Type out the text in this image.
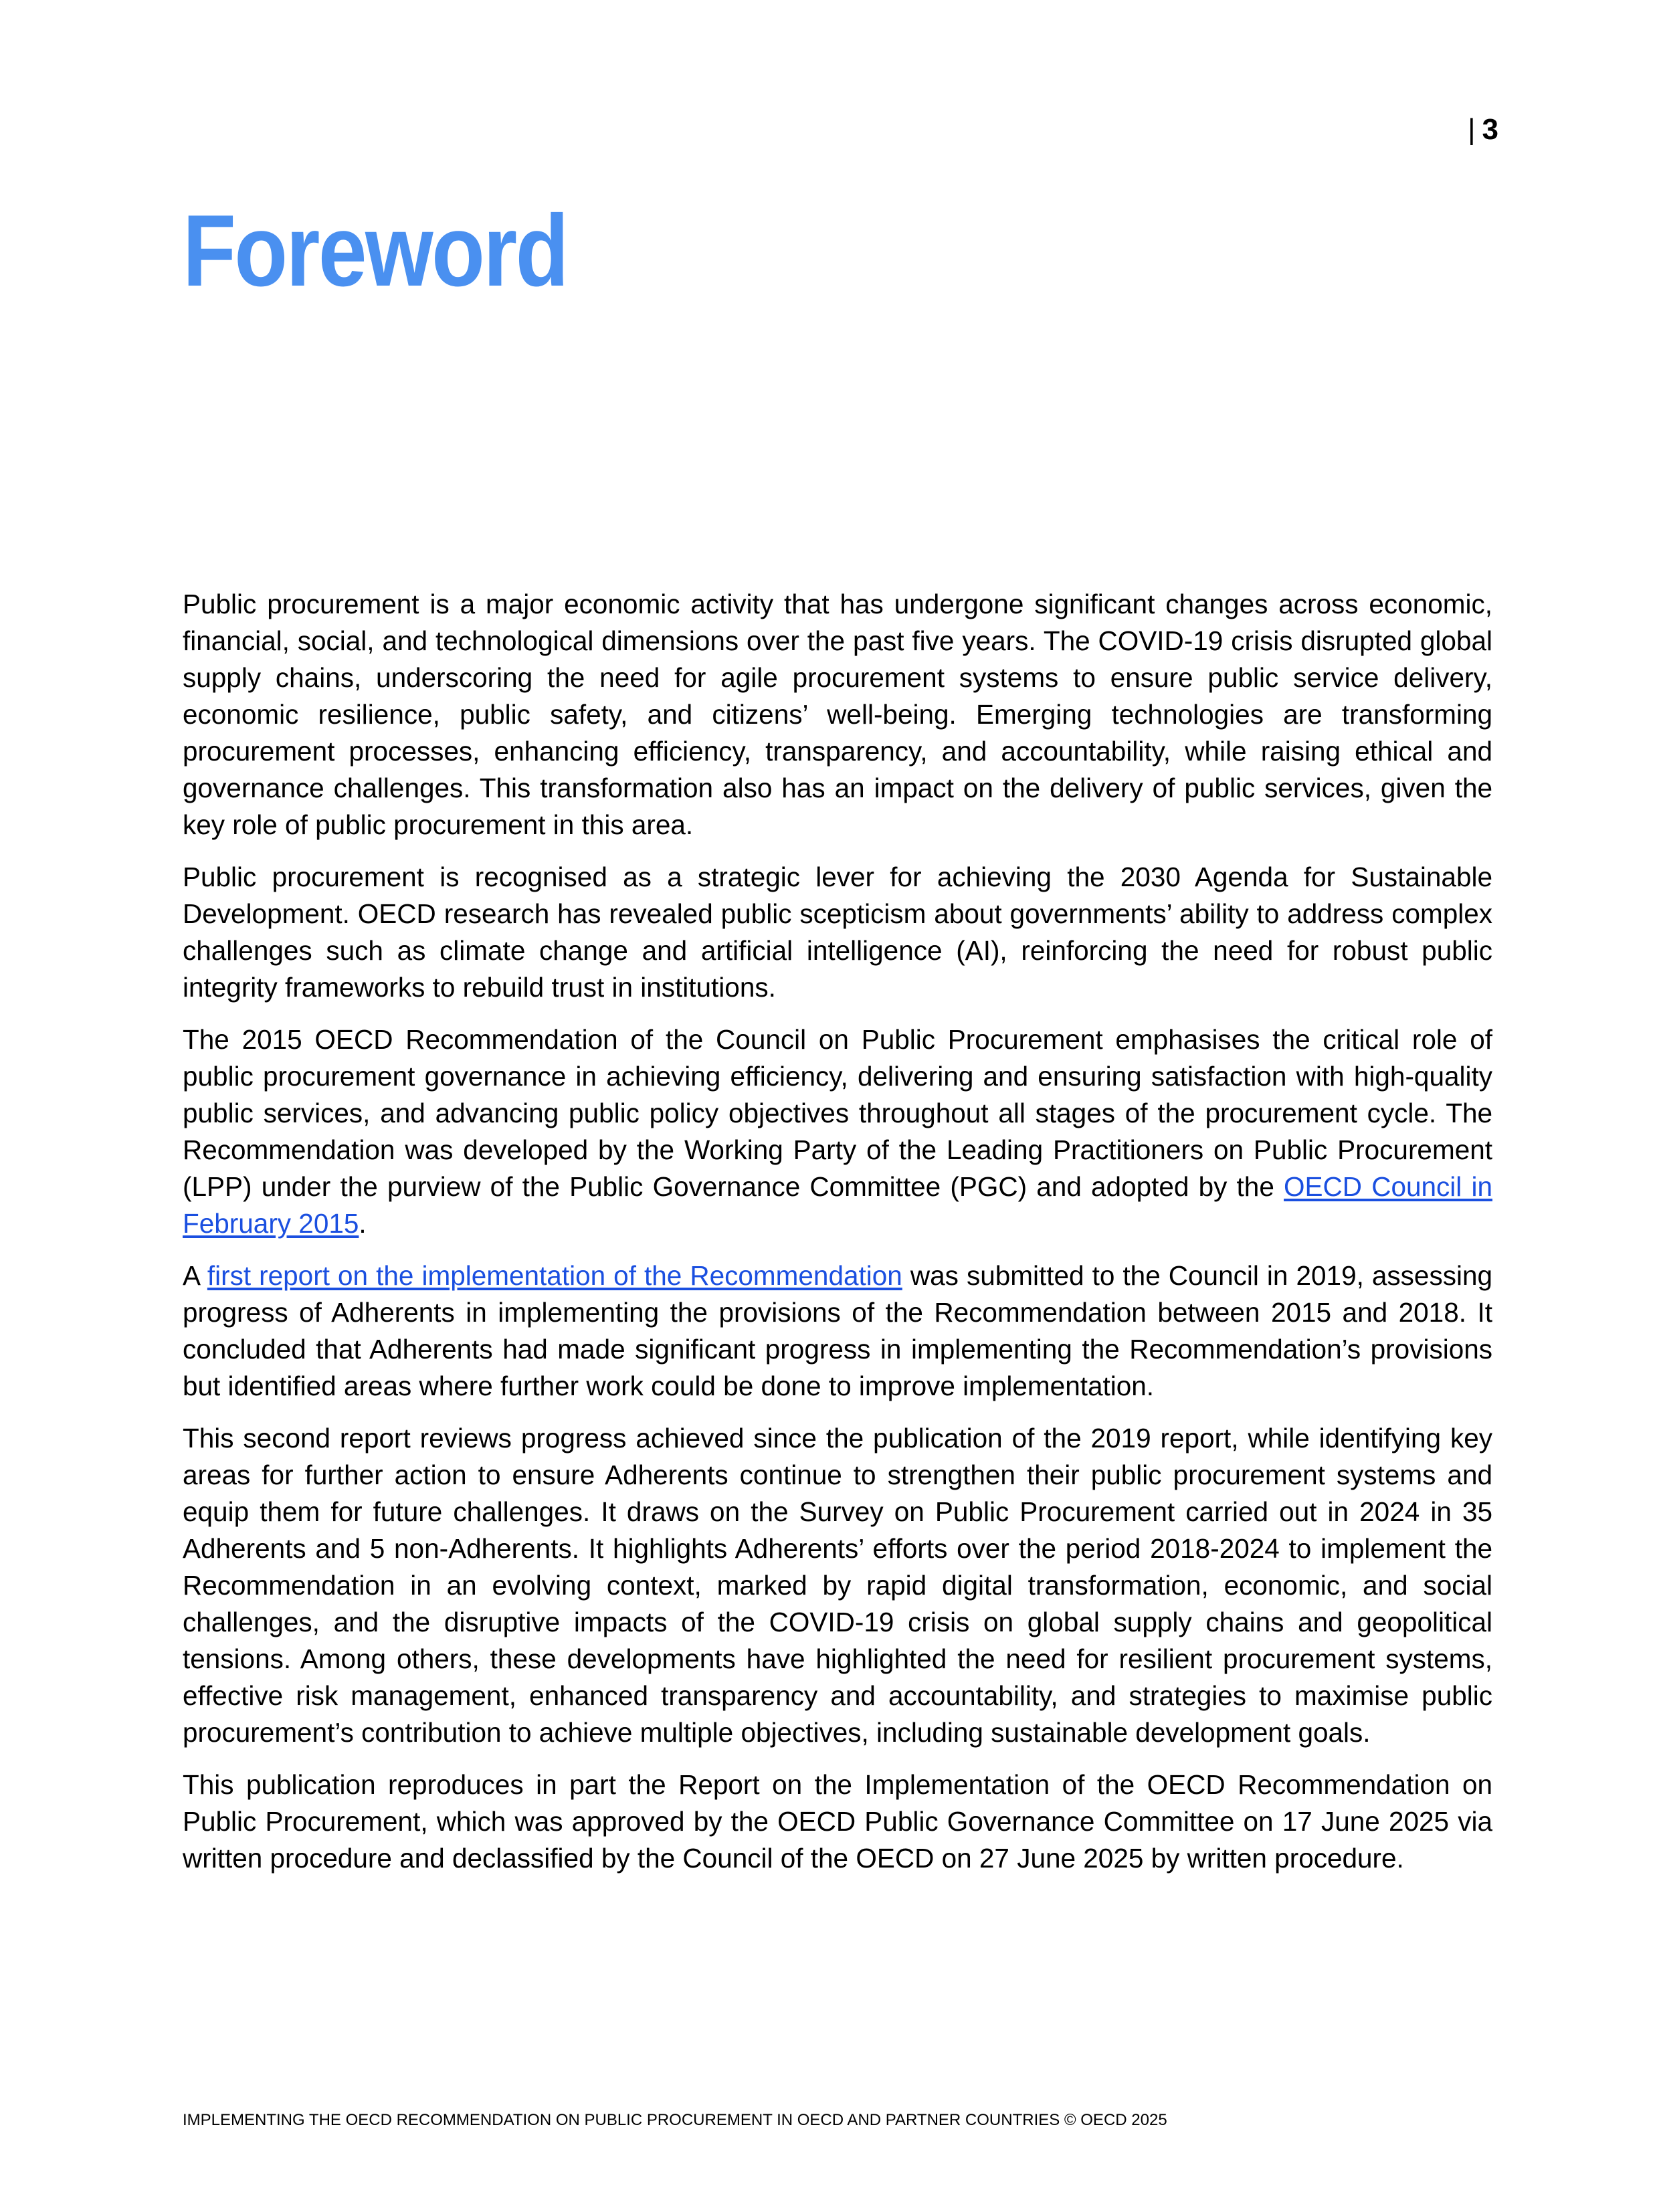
| 3
Foreword

Public procurement is a major economic activity that has undergone significant changes across economic, financial, social, and technological dimensions over the past five years. The COVID-19 crisis disrupted global supply chains, underscoring the need for agile procurement systems to ensure public service delivery, economic resilience, public safety, and citizens’ well-being. Emerging technologies are transforming procurement processes, enhancing efficiency, transparency, and accountability, while raising ethical and governance challenges. This transformation also has an impact on the delivery of public services, given the key role of public procurement in this area.

Public procurement is recognised as a strategic lever for achieving the 2030 Agenda for Sustainable Development. OECD research has revealed public scepticism about governments’ ability to address complex challenges such as climate change and artificial intelligence (AI), reinforcing the need for robust public integrity frameworks to rebuild trust in institutions.

The 2015 OECD Recommendation of the Council on Public Procurement emphasises the critical role of public procurement governance in achieving efficiency, delivering and ensuring satisfaction with high-quality public services, and advancing public policy objectives throughout all stages of the procurement cycle. The Recommendation was developed by the Working Party of the Leading Practitioners on Public Procurement (LPP) under the purview of the Public Governance Committee (PGC) and adopted by the OECD Council in February 2015.

A first report on the implementation of the Recommendation was submitted to the Council in 2019, assessing progress of Adherents in implementing the provisions of the Recommendation between 2015 and 2018. It concluded that Adherents had made significant progress in implementing the Recommendation’s provisions but identified areas where further work could be done to improve implementation.

This second report reviews progress achieved since the publication of the 2019 report, while identifying key areas for further action to ensure Adherents continue to strengthen their public procurement systems and equip them for future challenges. It draws on the Survey on Public Procurement carried out in 2024 in 35 Adherents and 5 non-Adherents. It highlights Adherents’ efforts over the period 2018-2024 to implement the Recommendation in an evolving context, marked by rapid digital transformation, economic, and social challenges, and the disruptive impacts of the COVID-19 crisis on global supply chains and geopolitical tensions. Among others, these developments have highlighted the need for resilient procurement systems, effective risk management, enhanced transparency and accountability, and strategies to maximise public procurement’s contribution to achieve multiple objectives, including sustainable development goals.

This publication reproduces in part the Report on the Implementation of the OECD Recommendation on Public Procurement, which was approved by the OECD Public Governance Committee on 17 June 2025 via written procedure and declassified by the Council of the OECD on 27 June 2025 by written procedure.

IMPLEMENTING THE OECD RECOMMENDATION ON PUBLIC PROCUREMENT IN OECD AND PARTNER COUNTRIES © OECD 2025
